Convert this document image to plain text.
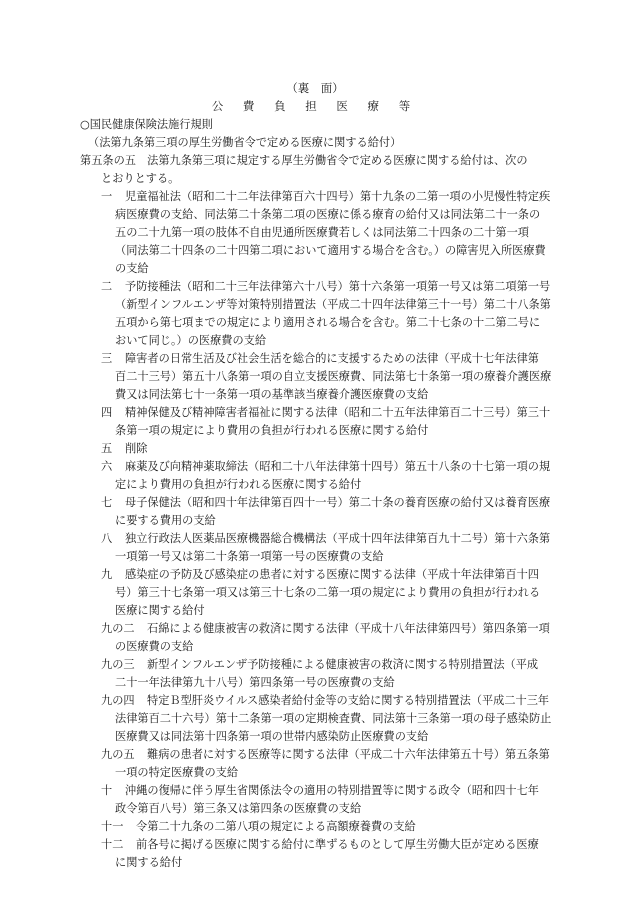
（裏　面）
公 費 負 担 医 療 等
○国民健康保険法施行規則
（法第九条第三項の厚生労働省令で定める医療に関する給付）
第五条の五　法第九条第三項に規定する厚生労働省令で定める医療に関する給付は、次の
とおりとする。
一 児童福祉法（昭和二十二年法律第百六十四号）第十九条の二第一項の小児慢性特定疾
病医療費の支給、同法第二十条第二項の医療に係る療育の給付又は同法第二十一条の
五の二十九第一項の肢体不自由児通所医療費若しくは同法第二十四条の二十第一項
（同法第二十四条の二十四第二項において適用する場合を含む。）の障害児入所医療費
の支給
二 予防接種法（昭和二十三年法律第六十八号）第十六条第一項第一号又は第二項第一号
（新型インフルエンザ等対策特別措置法（平成二十四年法律第三十一号）第二十八条第
五項から第七項までの規定により適用される場合を含む。第二十七条の十二第二号に
おいて同じ。）の医療費の支給
三 障害者の日常生活及び社会生活を総合的に支援するための法律（平成十七年法律第
百二十三号）第五十八条第一項の自立支援医療費、同法第七十条第一項の療養介護医療
費又は同法第七十一条第一項の基準該当療養介護医療費の支給
四 精神保健及び精神障害者福祉に関する法律（昭和二十五年法律第百二十三号）第三十
条第一項の規定により費用の負担が行われる医療に関する給付
五 削除
六 麻薬及び向精神薬取締法（昭和二十八年法律第十四号）第五十八条の十七第一項の規
定により費用の負担が行われる医療に関する給付
七 母子保健法（昭和四十年法律第百四十一号）第二十条の養育医療の給付又は養育医療
に要する費用の支給
八 独立行政法人医薬品医療機器総合機構法（平成十四年法律第百九十二号）第十六条第
一項第一号又は第二十条第一項第一号の医療費の支給
九 感染症の予防及び感染症の患者に対する医療に関する法律（平成十年法律第百十四
号）第三十七条第一項又は第三十七条の二第一項の規定により費用の負担が行われる
医療に関する給付
九の二 石綿による健康被害の救済に関する法律（平成十八年法律第四号）第四条第一項
の医療費の支給
九の三 新型インフルエンザ予防接種による健康被害の救済に関する特別措置法（平成
二十一年法律第九十八号）第四条第一号の医療費の支給
九の四 特定Ｂ型肝炎ウイルス感染者給付金等の支給に関する特別措置法（平成二十三年
法律第百二十六号）第十二条第一項の定期検査費、同法第十三条第一項の母子感染防止
医療費又は同法第十四条第一項の世帯内感染防止医療費の支給
九の五 難病の患者に対する医療等に関する法律（平成二十六年法律第五十号）第五条第
一項の特定医療費の支給
十 沖縄の復帰に伴う厚生省関係法令の適用の特別措置等に関する政令（昭和四十七年
政令第百八号）第三条又は第四条の医療費の支給
十一 令第二十九条の二第八項の規定による高額療養費の支給
十二 前各号に掲げる医療に関する給付に準ずるものとして厚生労働大臣が定める医療
に関する給付
